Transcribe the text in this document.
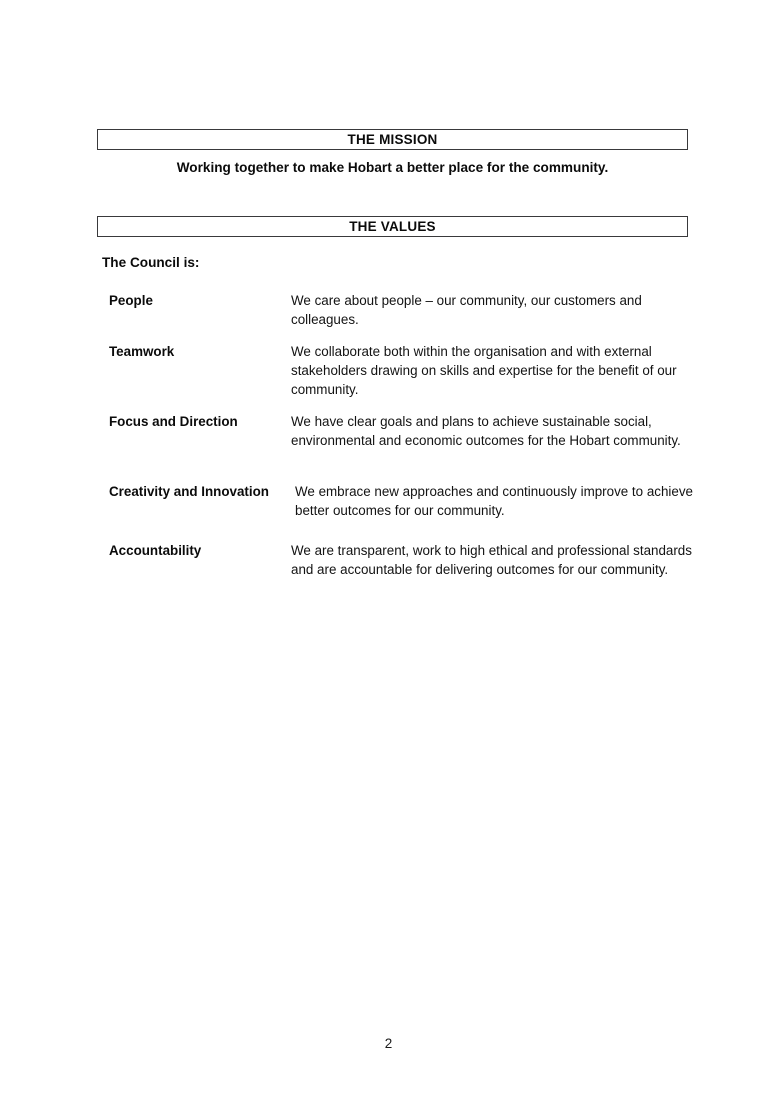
THE MISSION
Working together to make Hobart a better place for the community.
THE VALUES
The Council is:
People	We care about people – our community, our customers and colleagues.
Teamwork	We collaborate both within the organisation and with external stakeholders drawing on skills and expertise for the benefit of our community.
Focus and Direction	We have clear goals and plans to achieve sustainable social, environmental and economic outcomes for the Hobart community.
Creativity and Innovation	We embrace new approaches and continuously improve to achieve better outcomes for our community.
Accountability	We are transparent, work to high ethical and professional standards and are accountable for delivering outcomes for our community.
2
